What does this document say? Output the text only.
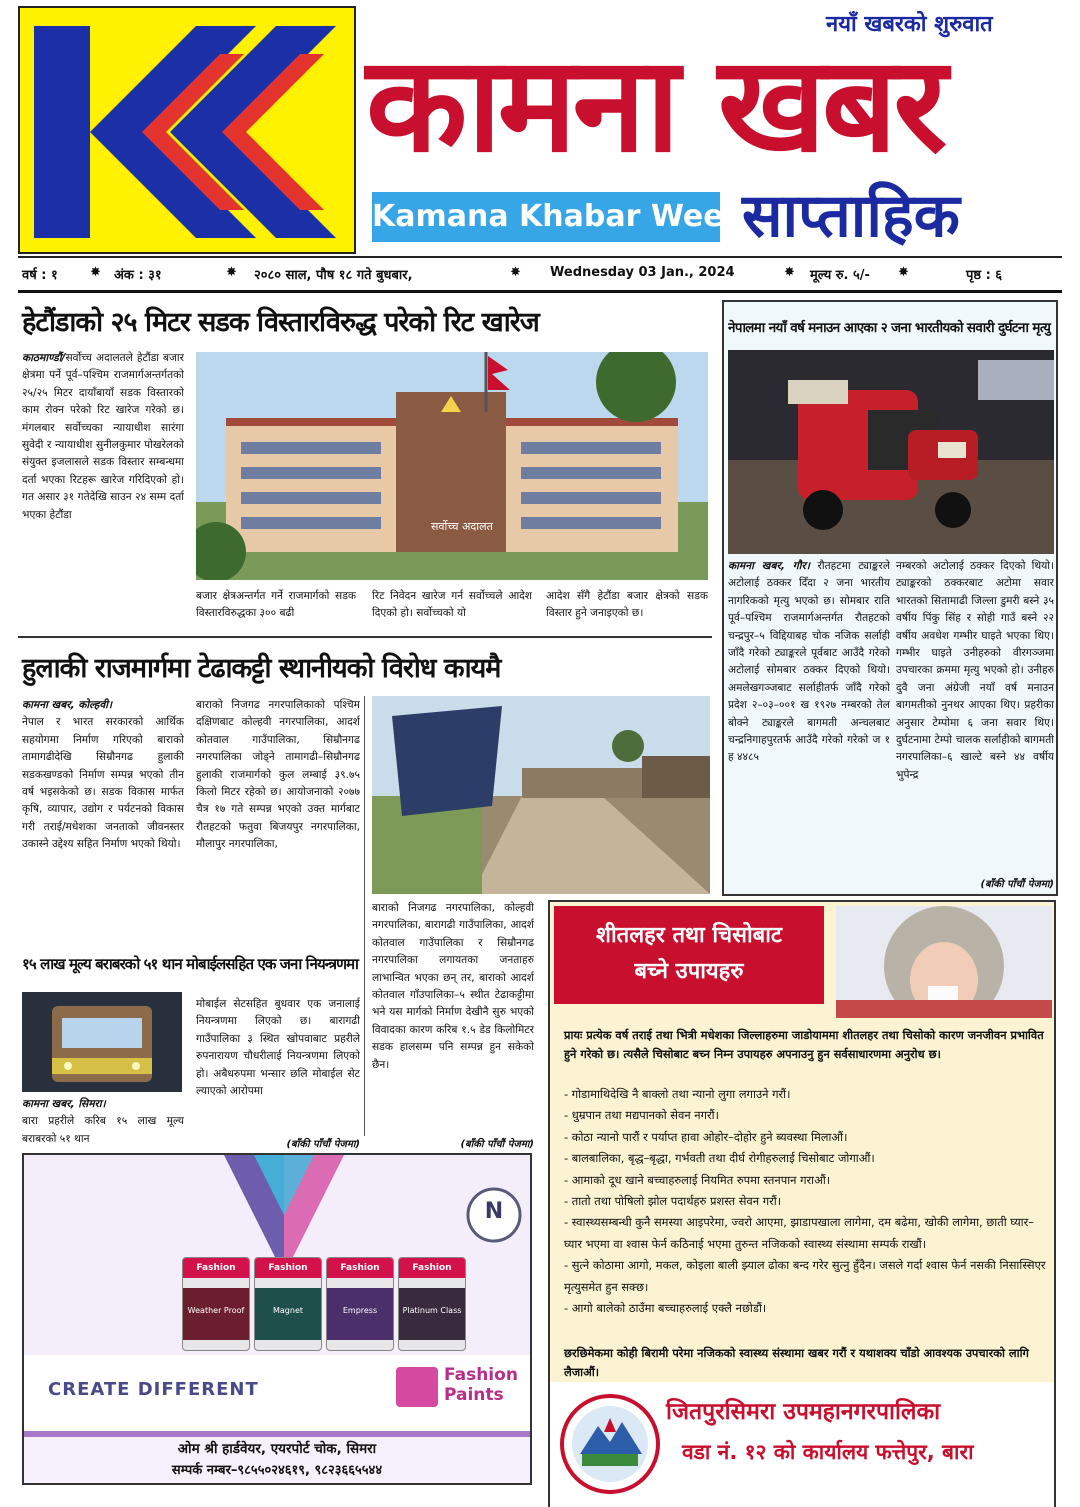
नयाँ खबरको शुरुवात
कामना खबर
Kamana Khabar Weekly
साप्ताहिक
वर्ष : १ ✸ अंक : ३१	✸ २०८० साल, पौष १८ गते बुधबार,	✸ Wednesday 03 Jan., 2024	✸ मूल्य रु. ५/- ✸	पृष्ठ : ६
हेटौंडाको २५ मिटर सडक विस्तारविरुद्ध परेको रिट खारेज
काठमाण्डौं/सर्वोच्च अदालतले हेटौंडा बजार क्षेत्रमा पर्ने पूर्व–पश्चिम राजमार्गअन्तर्गतको २५/२५ मिटर दायाँबायाँ सडक विस्तारको काम रोक्न परेको रिट खारेज गरेको छ। मंगलबार सर्वोच्चका न्यायाधीश सारंगा सुवेदी र न्यायाधीश सुनीलकुमार पोखरेलको संयुक्त इजलासले सडक विस्तार सम्बन्धमा दर्ता भएका रिटहरू खारेज गरिदिएको हो। गत असार ३१ गतेदेखि साउन २४ सम्म दर्ता भएका हेटौंडा
सर्वोच्च अदालत
बजार क्षेत्रअन्तर्गत गर्ने राजमार्गको सडक विस्तारविरुद्धका ३०० बढी
रिट निवेदन खारेज गर्न सर्वोच्चले आदेश दिएको हो। सर्वोच्चको यो
आदेश सँगै हेटौंडा बजार क्षेत्रको सडक विस्तार हुने जनाइएको छ।
नेपालमा नयाँ वर्ष मनाउन आएका २ जना भारतीयको सवारी दुर्घटना मृत्यु
कामना खबर, गौर। रौतहटमा ट्याङ्करले अटोलाई ठक्कर दिँदा २ जना भारतीय नागरिकको मृत्यु भएको छ। सोमबार राति पूर्व–पश्चिम राजमार्गअन्तर्गत रौतहटको चन्द्रपुर–५ विद्दियाबह चोक नजिक सर्लाही जाँदै गरेको ट्याङ्करले पूर्वबाट आउँदै गरेको अटोलाई सोमबार ठक्कर दिएको थियो। अमलेखगञ्जबाट सर्लाहीतर्फ जाँदै गरेको प्रदेश २–०३–००१ ख १९२७ नम्बरको तेल बोक्ने ट्याङ्करले बागमती अन्चलबाट चन्द्रनिगाहपुरतर्फ आउँदै गरेको गरेको ज १ ह ४४८५
नम्बरको अटोलाई ठक्कर दिएको थियो। ट्याङ्करको ठक्करबाट अटोमा सवार भारतको सितामाढी जिल्ला डुमरी बस्ने ३५ वर्षीय पिंकु सिंह र सोही गाउँ बस्ने २२ वर्षीय अवधेश गम्भीर घाइते भएका थिए। गम्भीर घाइते उनीहरुको वीरगञ्जमा उपचारका क्रममा मृत्यु भएको हो। उनीहरु दुवै जना अंग्रेजी नयाँ वर्ष मनाउन बागमतीको नुनथर आएका थिए। प्रहरीका अनुसार टेम्पोमा ६ जना सवार थिए। दुर्घटनामा टेम्पो चालक सर्लाहीको बागमती नगरपालिका–६ खाल्टे बस्ने ४४ वर्षीय भुपेन्द्र
(बाँकी पाँचौं पेजमा)
हुलाकी राजमार्गमा टेढाकट्टी स्थानीयको विरोध कायमै
कामना खबर, कोल्हवी।
नेपाल र भारत सरकारको आर्थिक सहयोगमा निर्माण गरिएको बाराको तामागढीदेखि सिम्रौनगढ हुलाकी सडकखण्डको निर्माण सम्पन्न भएको तीन वर्ष भइसकेको छ। सडक विकास मार्फत कृषि, व्यापार, उद्योग र पर्यटनको विकास गरी तराई/मधेशका जनताको जीवनस्तर उकास्ने उद्देश्य सहित निर्माण भएको थियो।
बाराको निजगढ नगरपालिकाको पश्चिम दक्षिणबाट कोल्हवी नगरपालिका, आदर्श कोतवाल गाउँपालिका, सिम्रौनगढ नगरपालिका जोड्ने तामागढी–सिम्रौनगढ हुलाकी राजमार्गको कुल लम्बाई ३९.७५ किलो मिटर रहेको छ। आयोजनाको २०७७ चैत्र १७ गते सम्पन्न भएको उक्त मार्गबाट रौतहटको फतुवा बिजयपुर नगरपालिका, मौलापुर नगरपालिका,
बाराको निजगढ नगरपालिका, कोल्हवी नगरपालिका, बारागढी गाउँपालिका, आदर्श कोतवाल गाउँपालिका र सिम्रौनगढ नगरपालिका लगायतका जनताहरु लाभान्वित भएका छन् तर, बाराको आदर्श कोतवाल गाँउपालिका–५ स्थीत टेढाकट्टीमा भने यस मार्गको निर्माण देखीनै सुरु भएको विवादका कारण करिब १.५ डेड किलोमिटर सडक हालसम्म पनि सम्पन्न हुन सकेको छैन।
(बाँकी पाँचौं पेजमा)
१५ लाख मूल्य बराबरको ५१ थान मोबाईलसहित एक जना नियन्त्रणमा
कामना खबर, सिमरा।
बारा प्रहरीले करिब १५ लाख मूल्य बराबरको ५१ थान
मोबाईल सेटसहित बुधवार एक जनालाई नियन्त्रणमा लिएको छ। बारागढी गाउँपालिका ३ स्थित खोपवाबाट प्रहरीले रुपनारायण चौधरीलाई नियन्त्रणमा लिएको हो। अबैधरुपमा भन्सार छलि मोबाईल सेट ल्याएको आरोपमा
(बाँकी पाँचौं पेजमा)
N
Fashion
Weather Proof
Fashion
Magnet
Fashion
Empress
Fashion
Platinum Class
CREATE DIFFERENT
Fashion
Paints
ओम श्री हार्डवेयर, एयरपोर्ट चोक, सिमरा
सम्पर्क नम्बर–९८५५०२४६१९, ९८२३६६५५४४
शीतलहर तथा चिसोबाट
बच्ने उपायहरु
प्रायः प्रत्येक वर्ष तराई तथा भित्री मधेशका जिल्लाहरुमा जाडोयाममा शीतलहर तथा चिसोको कारण जनजीवन प्रभावित हुने गरेको छ। त्यसैले चिसोबाट बच्न निम्न उपायहरु अपनाउनु हुन सर्वसाधारणमा अनुरोध छ।
- गोडामाथिदेखि नै बाक्लो तथा न्यानो लुगा लगाउने गरौं।
- धुम्रपान तथा मद्यपानको सेवन नगरौं।
- कोठा न्यानो पारौं र पर्याप्त हावा ओहोर–दोहोर हुने ब्यवस्था मिलाऔं।
- बालबालिका, बृद्ध–बृद्धा, गर्भवती तथा दीर्घ रोगीहरुलाई चिसोबाट जोगाऔं।
- आमाको दूध खाने बच्चाहरुलाई नियमित रुपमा स्तनपान गराऔं।
- तातो तथा पोषिलो झोल पदार्थहरु प्रशस्त सेवन गरौं।
- स्वास्थ्यसम्बन्धी कुनै समस्या आइपरेमा, ज्वरो आएमा, झाडापखाला लागेमा, दम बढेमा, खोकी लागेमा, छाती घ्यार–घ्यार भएमा वा श्वास फेर्न कठिनाई भएमा तुरुन्त नजिकको स्वास्थ्य संस्थामा सम्पर्क राखौं।
- सुत्ने कोठामा आगो, मकल, कोइला बाली झ्याल ढोका बन्द गरेर सुत्नु हुँदैन। जसले गर्दा श्वास फेर्न नसकी निसास्सिएर मृत्युसमेत हुन सक्छ।
- आगो बालेको ठाउँमा बच्चाहरुलाई एक्लै नछोडौं।
छरछिमेकमा कोही बिरामी परेमा नजिकको स्वास्थ्य संस्थामा खबर गरौं र यथाशक्य चाँडो आवश्यक उपचारको लागि लैजाऔं।
जितपुरसिमरा उपमहानगरपालिका
वडा नं. १२ को कार्यालय फत्तेपुर, बारा
